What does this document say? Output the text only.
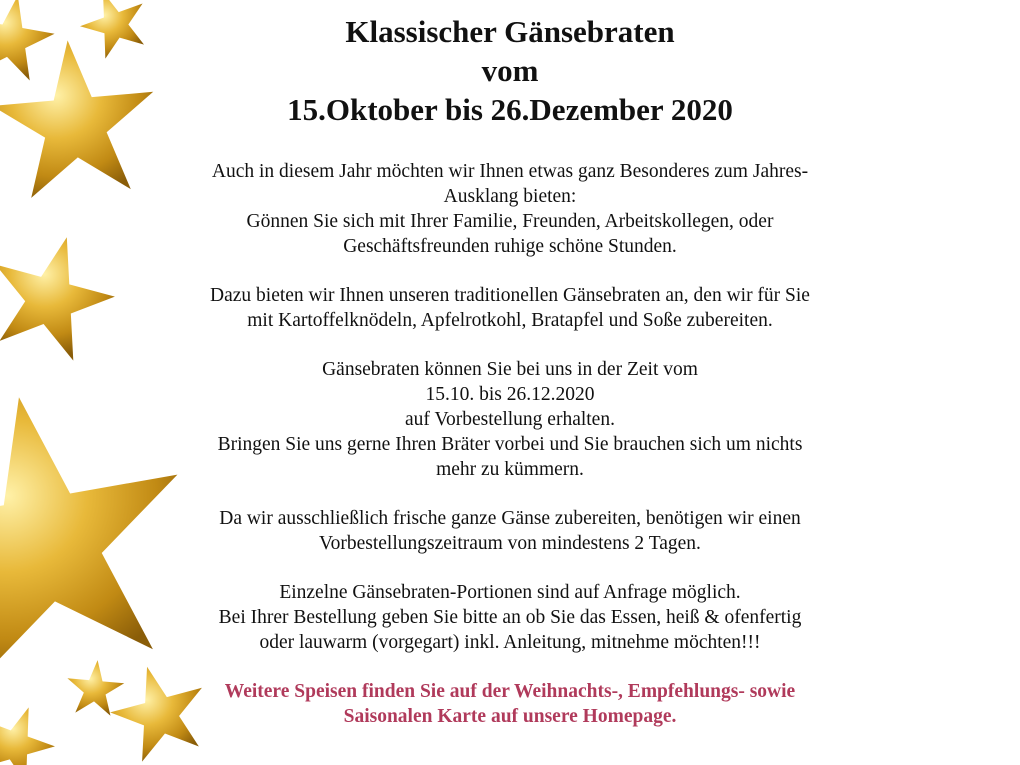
Klassischer Gänsebraten

vom

15.Oktober bis 26.Dezember 2020

Auch in diesem Jahr möchten wir Ihnen etwas ganz Besonderes zum Jahres-
Ausklang bieten:
Gönnen Sie sich mit Ihrer Familie, Freunden, Arbeitskollegen, oder
Geschäftsfreunden ruhige schöne Stunden.
Dazu bieten wir Ihnen unseren traditionellen Gänsebraten an, den wir für Sie
mit Kartoffelknödeln, Apfelrotkohl, Bratapfel und Soße zubereiten.
Gänsebraten können Sie bei uns in der Zeit vom
15.10. bis 26.12.2020
auf Vorbestellung erhalten.
Bringen Sie uns gerne Ihren Bräter vorbei und Sie brauchen sich um nichts
mehr zu kümmern.
Da wir ausschließlich frische ganze Gänse zubereiten, benötigen wir einen
Vorbestellungszeitraum von mindestens 2 Tagen.
Einzelne Gänsebraten-Portionen sind auf Anfrage möglich.
Bei Ihrer Bestellung geben Sie bitte an ob Sie das Essen, heiß & ofenfertig
oder lauwarm (vorgegart) inkl. Anleitung, mitnehme möchten!!!
Weitere Speisen finden Sie auf der Weihnachts-, Empfehlungs- sowie
Saisonalen Karte auf unsere Homepage.
